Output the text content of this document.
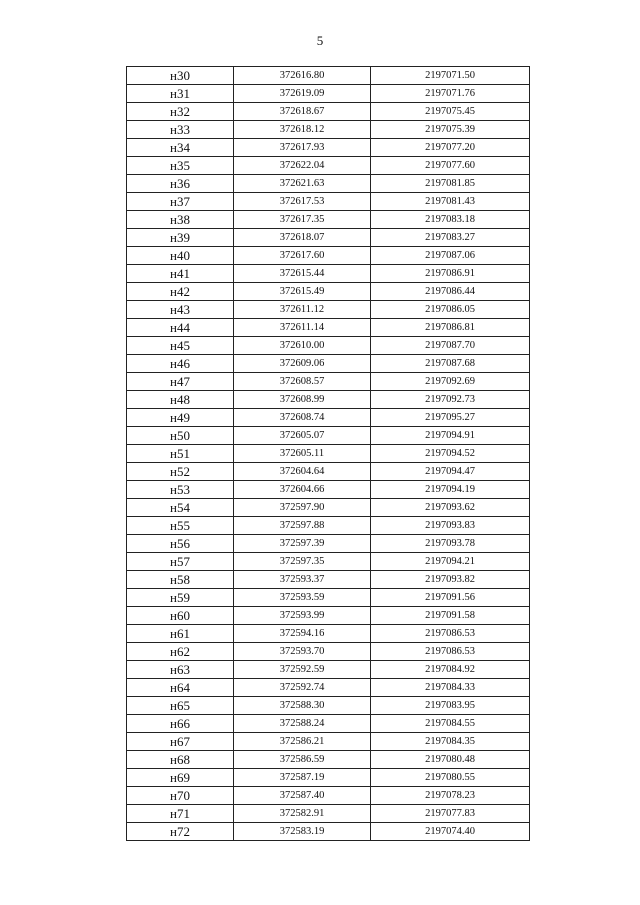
5
н30	372616.80	2197071.50
н31	372619.09	2197071.76
н32	372618.67	2197075.45
н33	372618.12	2197075.39
н34	372617.93	2197077.20
н35	372622.04	2197077.60
н36	372621.63	2197081.85
н37	372617.53	2197081.43
н38	372617.35	2197083.18
н39	372618.07	2197083.27
н40	372617.60	2197087.06
н41	372615.44	2197086.91
н42	372615.49	2197086.44
н43	372611.12	2197086.05
н44	372611.14	2197086.81
н45	372610.00	2197087.70
н46	372609.06	2197087.68
н47	372608.57	2197092.69
н48	372608.99	2197092.73
н49	372608.74	2197095.27
н50	372605.07	2197094.91
н51	372605.11	2197094.52
н52	372604.64	2197094.47
н53	372604.66	2197094.19
н54	372597.90	2197093.62
н55	372597.88	2197093.83
н56	372597.39	2197093.78
н57	372597.35	2197094.21
н58	372593.37	2197093.82
н59	372593.59	2197091.56
н60	372593.99	2197091.58
н61	372594.16	2197086.53
н62	372593.70	2197086.53
н63	372592.59	2197084.92
н64	372592.74	2197084.33
н65	372588.30	2197083.95
н66	372588.24	2197084.55
н67	372586.21	2197084.35
н68	372586.59	2197080.48
н69	372587.19	2197080.55
н70	372587.40	2197078.23
н71	372582.91	2197077.83
н72	372583.19	2197074.40
